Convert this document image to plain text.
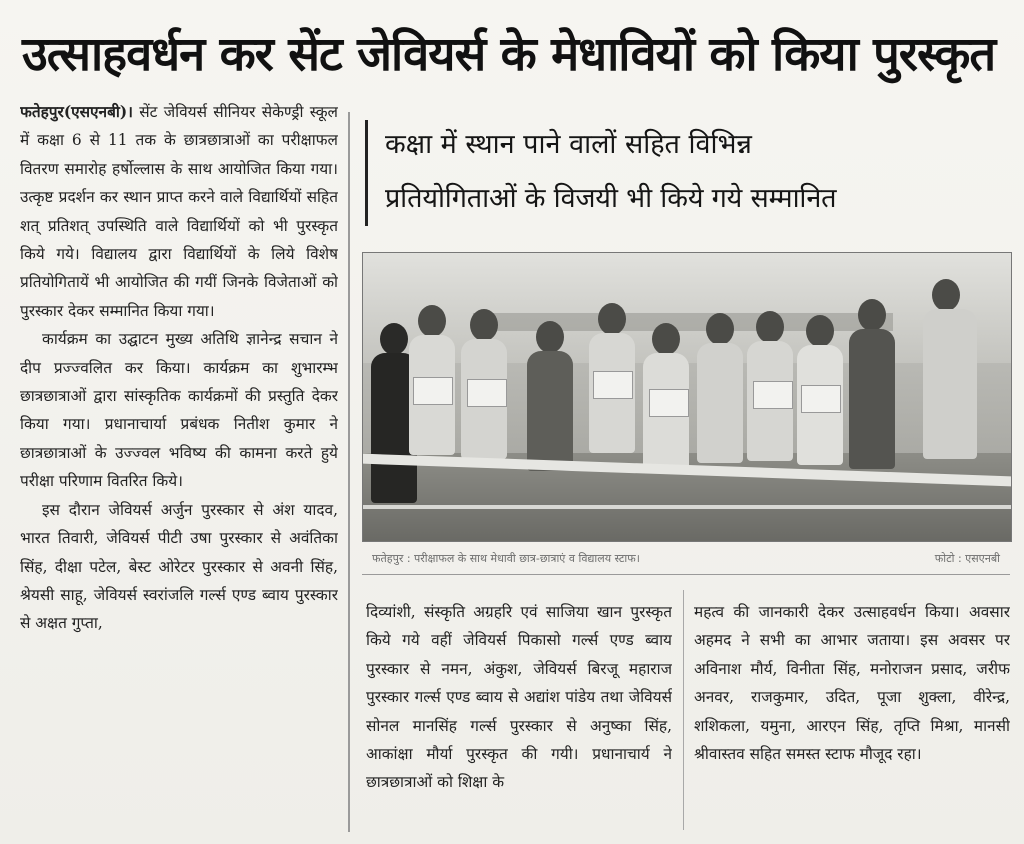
उत्साहवर्धन कर सेंट जेवियर्स के मेधावियों को किया पुरस्कृत

फतेहपुर(एसएनबी)। सेंट जेवियर्स सीनियर सेकेण्ड्री स्कूल में कक्षा 6 से 11 तक के छात्रछात्राओं का परीक्षाफल वितरण समारोह हर्षोल्लास के साथ आयोजित किया गया। उत्कृष्ट प्रदर्शन कर स्थान प्राप्त करने वाले विद्यार्थियों सहित शत् प्रतिशत् उपस्थिति वाले विद्यार्थियों को भी पुरस्कृत किये गये। विद्यालय द्वारा विद्यार्थियों के लिये विशेष प्रतियोगितायें भी आयोजित की गयीं जिनके विजेताओं को पुरस्कार देकर सम्मानित किया गया।

कार्यक्रम का उद्घाटन मुख्य अतिथि ज्ञानेन्द्र सचान ने दीप प्रज्ज्वलित कर किया। कार्यक्रम का शुभारम्भ छात्रछात्राओं द्वारा सांस्कृतिक कार्यक्रमों की प्रस्तुति देकर किया गया। प्रधानाचार्या प्रबंधक नितीश कुमार ने छात्रछात्राओं के उज्ज्वल भविष्य की कामना करते हुये परीक्षा परिणाम वितरित किये।

इस दौरान जेवियर्स अर्जुन पुरस्कार से अंश यादव, भारत तिवारी, जेवियर्स पीटी उषा पुरस्कार से अवंतिका सिंह, दीक्षा पटेल, बेस्ट ओरेटर पुरस्कार से अवनी सिंह, श्रेयसी साहू, जेवियर्स स्वरांजलि गर्ल्स एण्ड ब्वाय पुरस्कार से अक्षत गुप्ता,

कक्षा में स्थान पाने वालों सहित विभिन्न
प्रतियोगिताओं के विजयी भी किये गये सम्मानित
फतेहपुर : परीक्षाफल के साथ मेधावी छात्र-छात्राएं व विद्यालय स्टाफ।	फोटो : एसएनबी

दिव्यांशी, संस्कृति अग्रहरि एवं साजिया खान पुरस्कृत किये गये वहीं जेवियर्स पिकासो गर्ल्स एण्ड ब्वाय पुरस्कार से नमन, अंकुश, जेवियर्स बिरजू महाराज पुरस्कार गर्ल्स एण्ड ब्वाय से अद्यांश पांडेय तथा जेवियर्स सोनल मानसिंह गर्ल्स पुरस्कार से अनुष्का सिंह, आकांक्षा मौर्या पुरस्कृत की गयी। प्रधानाचार्य ने छात्रछात्राओं को शिक्षा के

महत्व की जानकारी देकर उत्साहवर्धन किया। अवसार अहमद ने सभी का आभार जताया। इस अवसर पर अविनाश मौर्य, विनीता सिंह, मनोराजन प्रसाद, जरीफ अनवर, राजकुमार, उदित, पूजा शुक्ला, वीरेन्द्र, शशिकला, यमुना, आरएन सिंह, तृप्ति मिश्रा, मानसी श्रीवास्तव सहित समस्त स्टाफ मौजूद रहा।
